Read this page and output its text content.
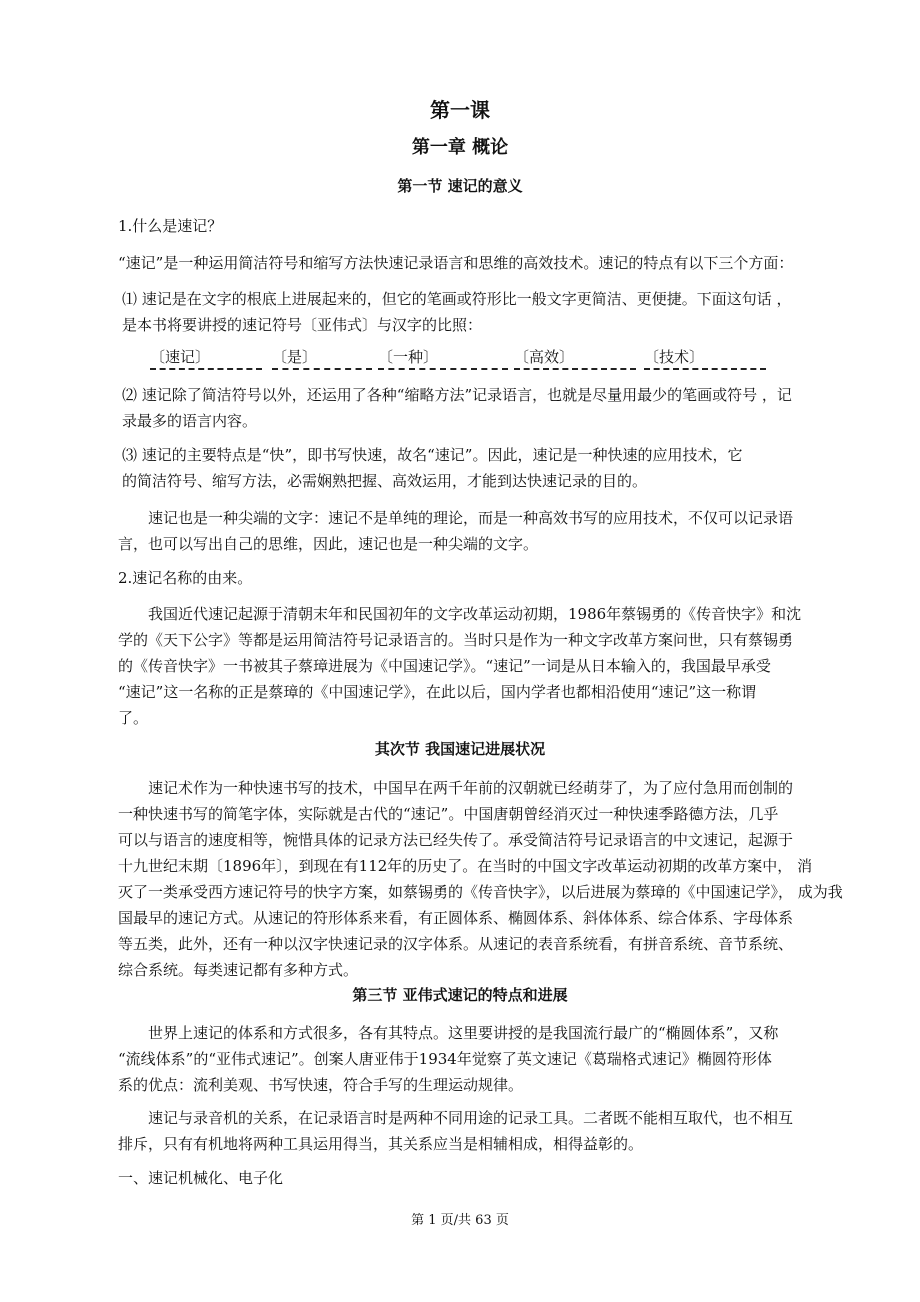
第一课
第一章 概论
第一节 速记的意义
1.什么是速记？
“速记”是一种运用简洁符号和缩写方法快速记录语言和思维的高效技术。速记的特点有以下三个方面：
⑴ 速记是在文字的根底上进展起来的，但它的笔画或符形比一般文字更简洁、更便捷。下面这句话 ，
是本书将要讲授的速记符号〔亚伟式〕与汉字的比照：
〔速记〕	〔是〕	〔一种〕	〔高效〕	〔技术〕
⑵ 速记除了简洁符号以外，还运用了各种“缩略方法”记录语言，也就是尽量用最少的笔画或符号 ，记
录最多的语言内容。
⑶ 速记的主要特点是“快”，即书写快速，故名“速记”。因此，速记是一种快速的应用技术，它
的简洁符号、缩写方法，必需娴熟把握、高效运用，才能到达快速记录的目的。
速记也是一种尖端的文字：速记不是单纯的理论，而是一种高效书写的应用技术，不仅可以记录语
言，也可以写出自己的思维，因此，速记也是一种尖端的文字。
2.速记名称的由来。
我国近代速记起源于清朝末年和民国初年的文字改革运动初期，1986年蔡锡勇的《传音快字》和沈
学的《天下公字》等都是运用简洁符号记录语言的。当时只是作为一种文字改革方案问世，只有蔡锡勇
的《传音快字》一书被其子蔡璋进展为《中国速记学》。“速记”一词是从日本输入的，我国最早承受
“速记”这一名称的正是蔡璋的《中国速记学》，在此以后，国内学者也都相沿使用“速记”这一称谓
了。
其次节 我国速记进展状况
速记术作为一种快速书写的技术，中国早在两千年前的汉朝就已经萌芽了，为了应付急用而创制的
一种快速书写的简笔字体，实际就是古代的“速记”。中国唐朝曾经消灭过一种快速季路德方法，几乎
可以与语言的速度相等，惋惜具体的记录方法已经失传了。承受简洁符号记录语言的中文速记，起源于
十九世纪末期〔1896年〕，到现在有112年的历史了。在当时的中国文字改革运动初期的改革方案中， 消
灭了一类承受西方速记符号的快字方案，如蔡锡勇的《传音快字》，以后进展为蔡璋的《中国速记学》， 成为我
国最早的速记方式。从速记的符形体系来看，有正圆体系、椭圆体系、斜体体系、综合体系、字母体系
等五类，此外，还有一种以汉字快速记录的汉字体系。从速记的表音系统看，有拼音系统、音节系统、
综合系统。每类速记都有多种方式。
第三节 亚伟式速记的特点和进展
世界上速记的体系和方式很多，各有其特点。这里要讲授的是我国流行最广的“椭圆体系”，又称
“流线体系”的“亚伟式速记”。创案人唐亚伟于1934年觉察了英文速记《葛瑞格式速记》椭圆符形体
系的优点：流利美观、书写快速，符合手写的生理运动规律。
速记与录音机的关系，在记录语言时是两种不同用途的记录工具。二者既不能相互取代，也不相互
排斥，只有有机地将两种工具运用得当，其关系应当是相辅相成，相得益彰的。
一、速记机械化、电子化
第 1 页/共 63 页
